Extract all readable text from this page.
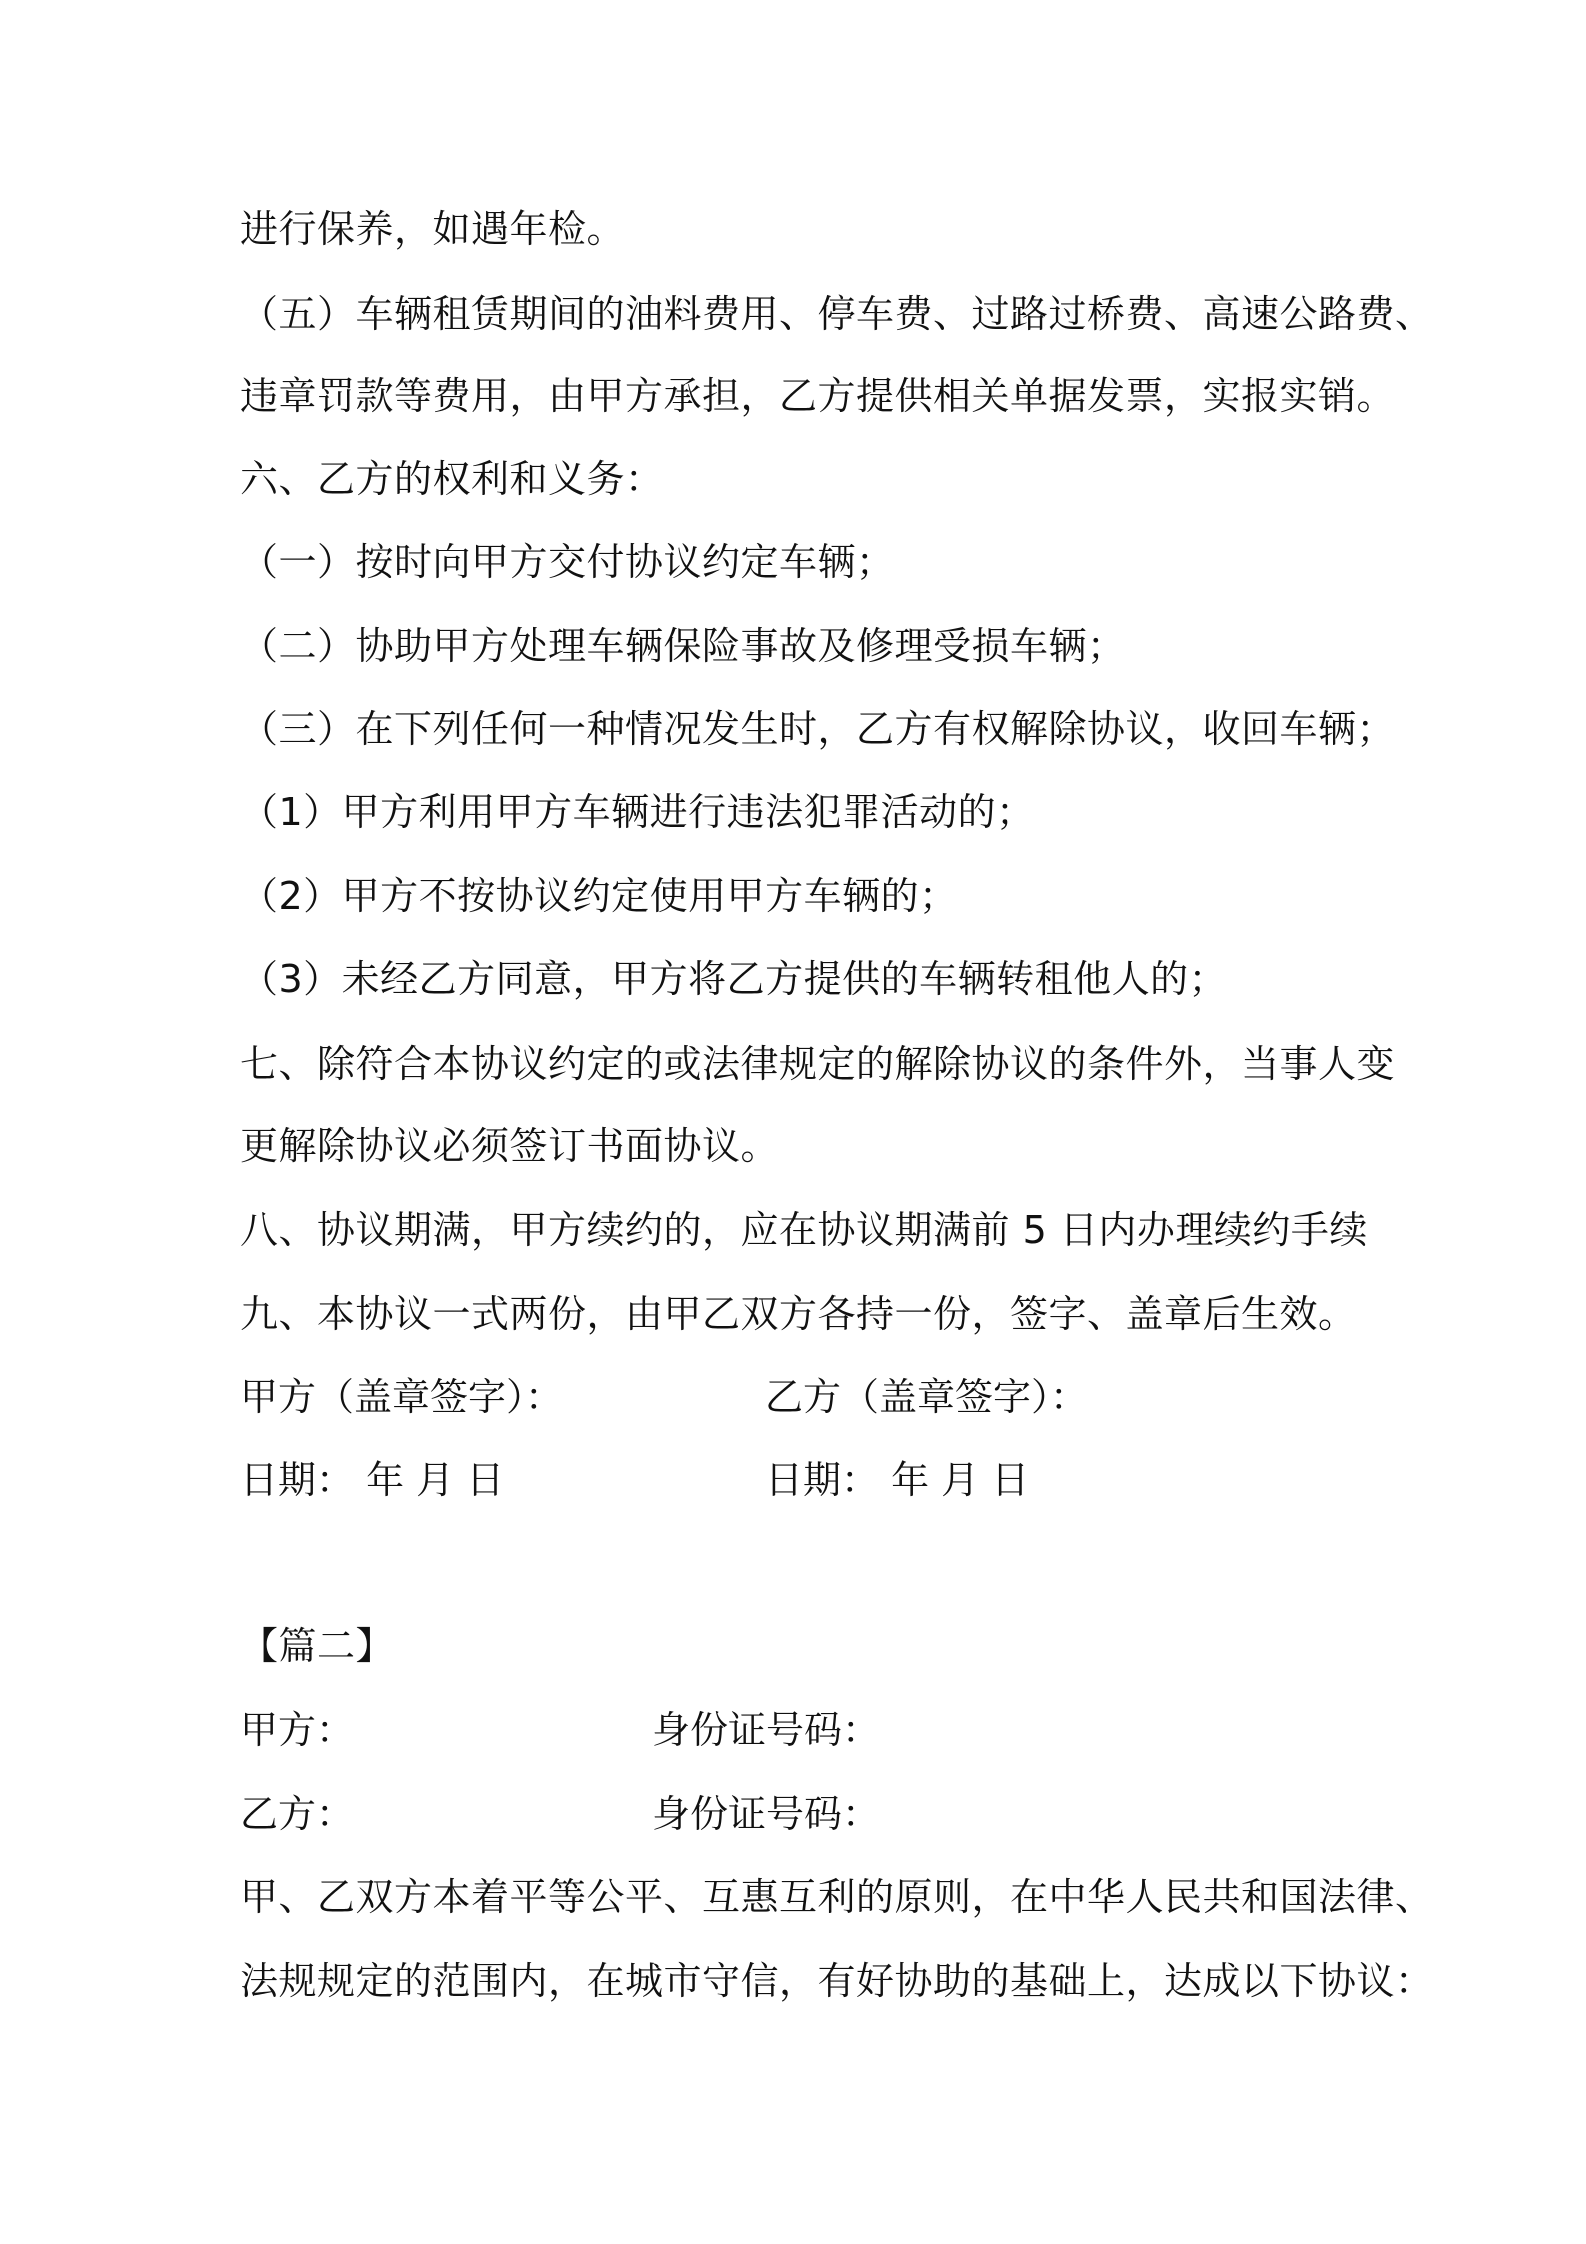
进行保养，如遇年检。
（五）车辆租赁期间的油料费用、停车费、过路过桥费、高速公路费、
违章罚款等费用，由甲方承担，乙方提供相关单据发票，实报实销。
六、乙方的权利和义务：
（一）按时向甲方交付协议约定车辆；
（二）协助甲方处理车辆保险事故及修理受损车辆；
（三）在下列任何一种情况发生时，乙方有权解除协议，收回车辆；
（1）甲方利用甲方车辆进行违法犯罪活动的；
（2）甲方不按协议约定使用甲方车辆的；
（3）未经乙方同意，甲方将乙方提供的车辆转租他人的；
七、除符合本协议约定的或法律规定的解除协议的条件外，当事人变
更解除协议必须签订书面协议。
八、协议期满，甲方续约的，应在协议期满前 5 日内办理续约手续
九、本协议一式两份，由甲乙双方各持一份，签字、盖章后生效。
甲方（盖章签字）：	乙方（盖章签字）：
日期： 年 月 日	日期： 年 月 日
【篇二】
甲方：	身份证号码：
乙方：	身份证号码：
甲、乙双方本着平等公平、互惠互利的原则，在中华人民共和国法律、
法规规定的范围内，在城市守信，有好协助的基础上，达成以下协议：
